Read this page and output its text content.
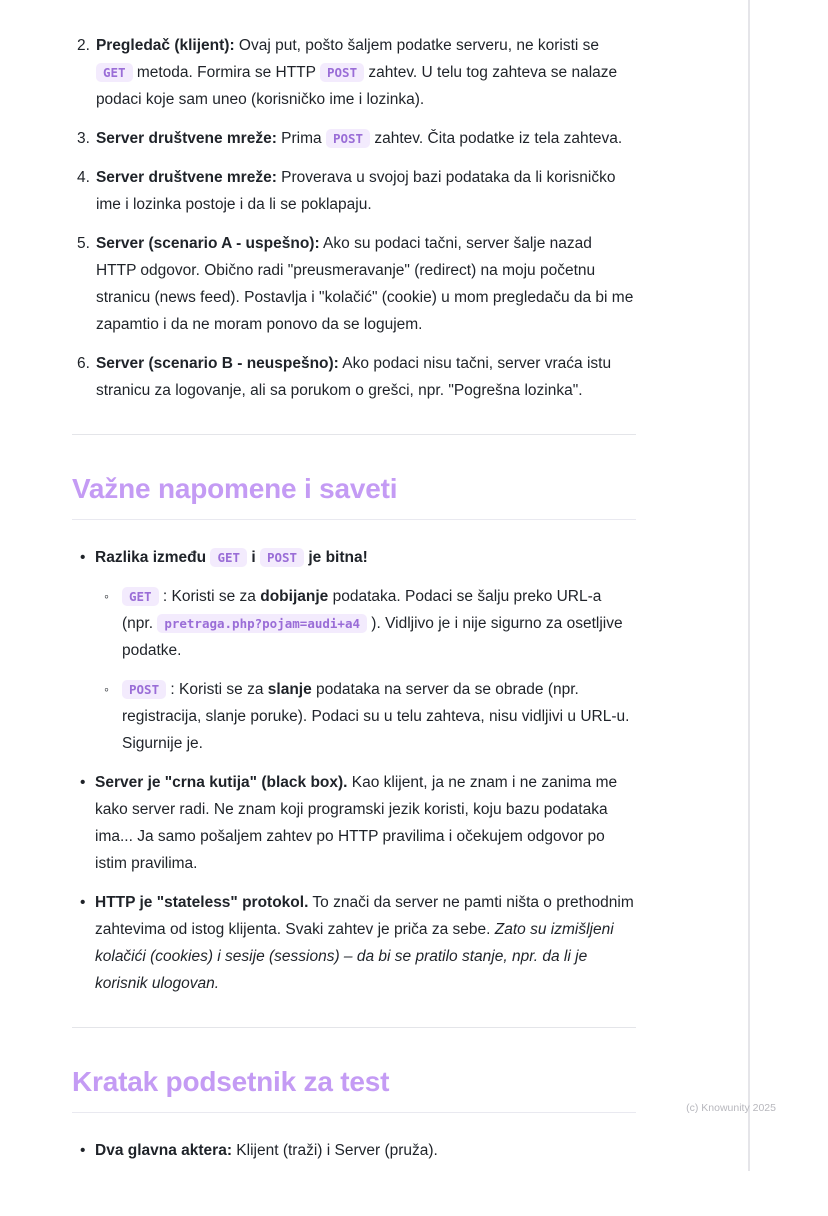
2. Pregledač (klijent): Ovaj put, pošto šaljem podatke serveru, ne koristi se GET metoda. Formira se HTTP POST zahtev. U telu tog zahteva se nalaze podaci koje sam uneo (korisničko ime i lozinka).
3. Server društvene mreže: Prima POST zahtev. Čita podatke iz tela zahteva.
4. Server društvene mreže: Proverava u svojoj bazi podataka da li korisničko ime i lozinka postoje i da li se poklapaju.
5. Server (scenario A - uspešno): Ako su podaci tačni, server šalje nazad HTTP odgovor. Obično radi "preusmeravanje" (redirect) na moju početnu stranicu (news feed). Postavlja i "kolačić" (cookie) u mom pregledaču da bi me zapamtio i da ne moram ponovo da se logujem.
6. Server (scenario B - neuspešno): Ako podaci nisu tačni, server vraća istu stranicu za logovanje, ali sa porukom o grešci, npr. "Pogrešna lozinka".
Važne napomene i saveti
• Razlika između GET i POST je bitna!
◦	GET : Koristi se za dobijanje podataka. Podaci se šalju preko URL-a (npr. pretraga.php?pojam=audi+a4 ). Vidljivo je i nije sigurno za osetljive podatke.
◦	POST : Koristi se za slanje podataka na server da se obrade (npr. registracija, slanje poruke). Podaci su u telu zahteva, nisu vidljivi u URL-u. Sigurnije je.
• Server je "crna kutija" (black box). Kao klijent, ja ne znam i ne zanima me kako server radi. Ne znam koji programski jezik koristi, koju bazu podataka ima... Ja samo pošaljem zahtev po HTTP pravilima i očekujem odgovor po istim pravilima.
• HTTP je "stateless" protokol. To znači da server ne pamti ništa o prethodnim zahtevima od istog klijenta. Svaki zahtev je priča za sebe. Zato su izmišljeni kolačići (cookies) i sesije (sessions) – da bi se pratilo stanje, npr. da li je korisnik ulogovan.
Kratak podsetnik za test
• Dva glavna aktera: Klijent (traži) i Server (pruža).
(c) Knowunity 2025
